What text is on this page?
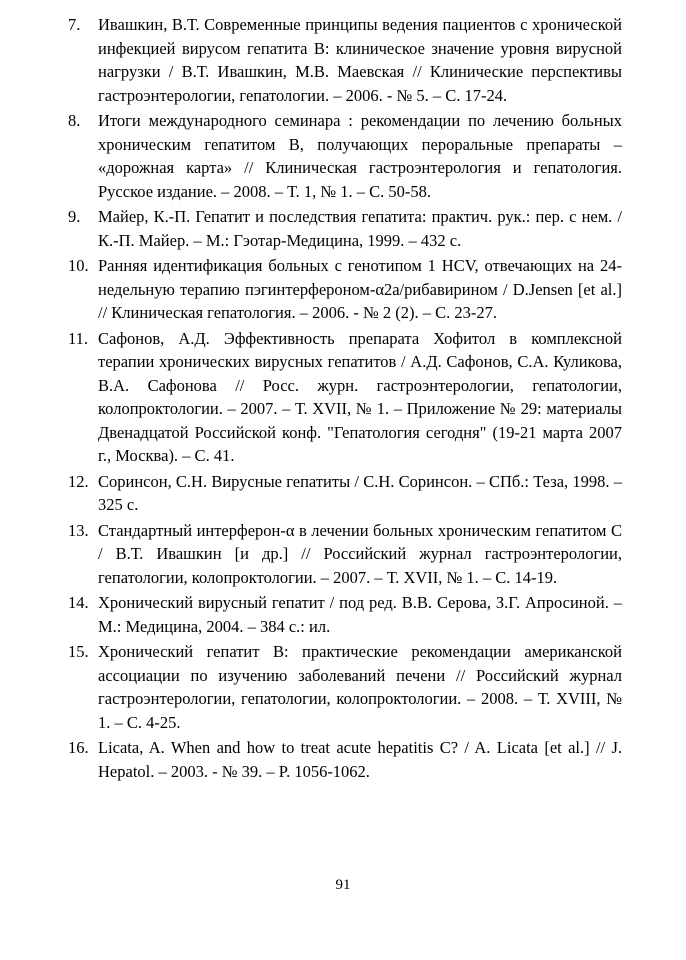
7.	Ивашкин, В.Т. Современные принципы ведения пациентов с хронической инфекцией вирусом гепатита В: клиническое значение уровня вирусной нагрузки / В.Т. Ивашкин, М.В. Маевская // Клинические перспективы гастроэнтерологии, гепатологии. – 2006. - № 5. – С. 17-24.
8.	Итоги международного семинара : рекомендации по лечению больных хроническим гепатитом В, получающих пероральные препараты – «дорожная карта» // Клиническая гастроэнтерология и гепатология. Русское издание. – 2008. – Т. 1, № 1. – С. 50-58.
9.	Майер, К.-П. Гепатит и последствия гепатита: практич. рук.: пер. с нем. / К.-П. Майер. – М.: Гэотар-Медицина, 1999. – 432 с.
10. Ранняя идентификация больных с генотипом 1 HCV, отвечающих на 24-недельную терапию пэгинтерфероном-α2а/рибавирином / D.Jensen [et al.] // Клиническая гепатология. – 2006. - № 2 (2). – С. 23-27.
11. Сафонов, А.Д. Эффективность препарата Хофитол в комплексной терапии хронических вирусных гепатитов / А.Д. Сафонов, С.А. Куликова, В.А. Сафонова // Росс. журн. гастроэнтерологии, гепатологии, колопроктологии. – 2007. – Т. XVII, № 1. – Приложение № 29: материалы Двенадцатой Российской конф. "Гепатология сегодня" (19-21 марта 2007 г., Москва). – С. 41.
12. Соринсон, С.Н. Вирусные гепатиты / С.Н. Соринсон. – СПб.: Теза, 1998. – 325 с.
13. Стандартный интерферон-α в лечении больных хроническим гепатитом С / В.Т. Ивашкин [и др.] // Российский журнал гастроэнтерологии, гепатологии, колопроктологии. – 2007. – Т. XVII, № 1. – С. 14-19.
14. Хронический вирусный гепатит / под ред. В.В. Серова, З.Г. Апросиной. – М.: Медицина, 2004. – 384 с.: ил.
15. Хронический гепатит В: практические рекомендации американской ассоциации по изучению заболеваний печени // Российский журнал гастроэнтерологии, гепатологии, колопроктологии. – 2008. – Т. XVIII, № 1. – С. 4-25.
16. Licata, A. When and how to treat acute hepatitis C? / A. Licata [et al.] // J. Hepatol. – 2003. - № 39. – P. 1056-1062.
91
